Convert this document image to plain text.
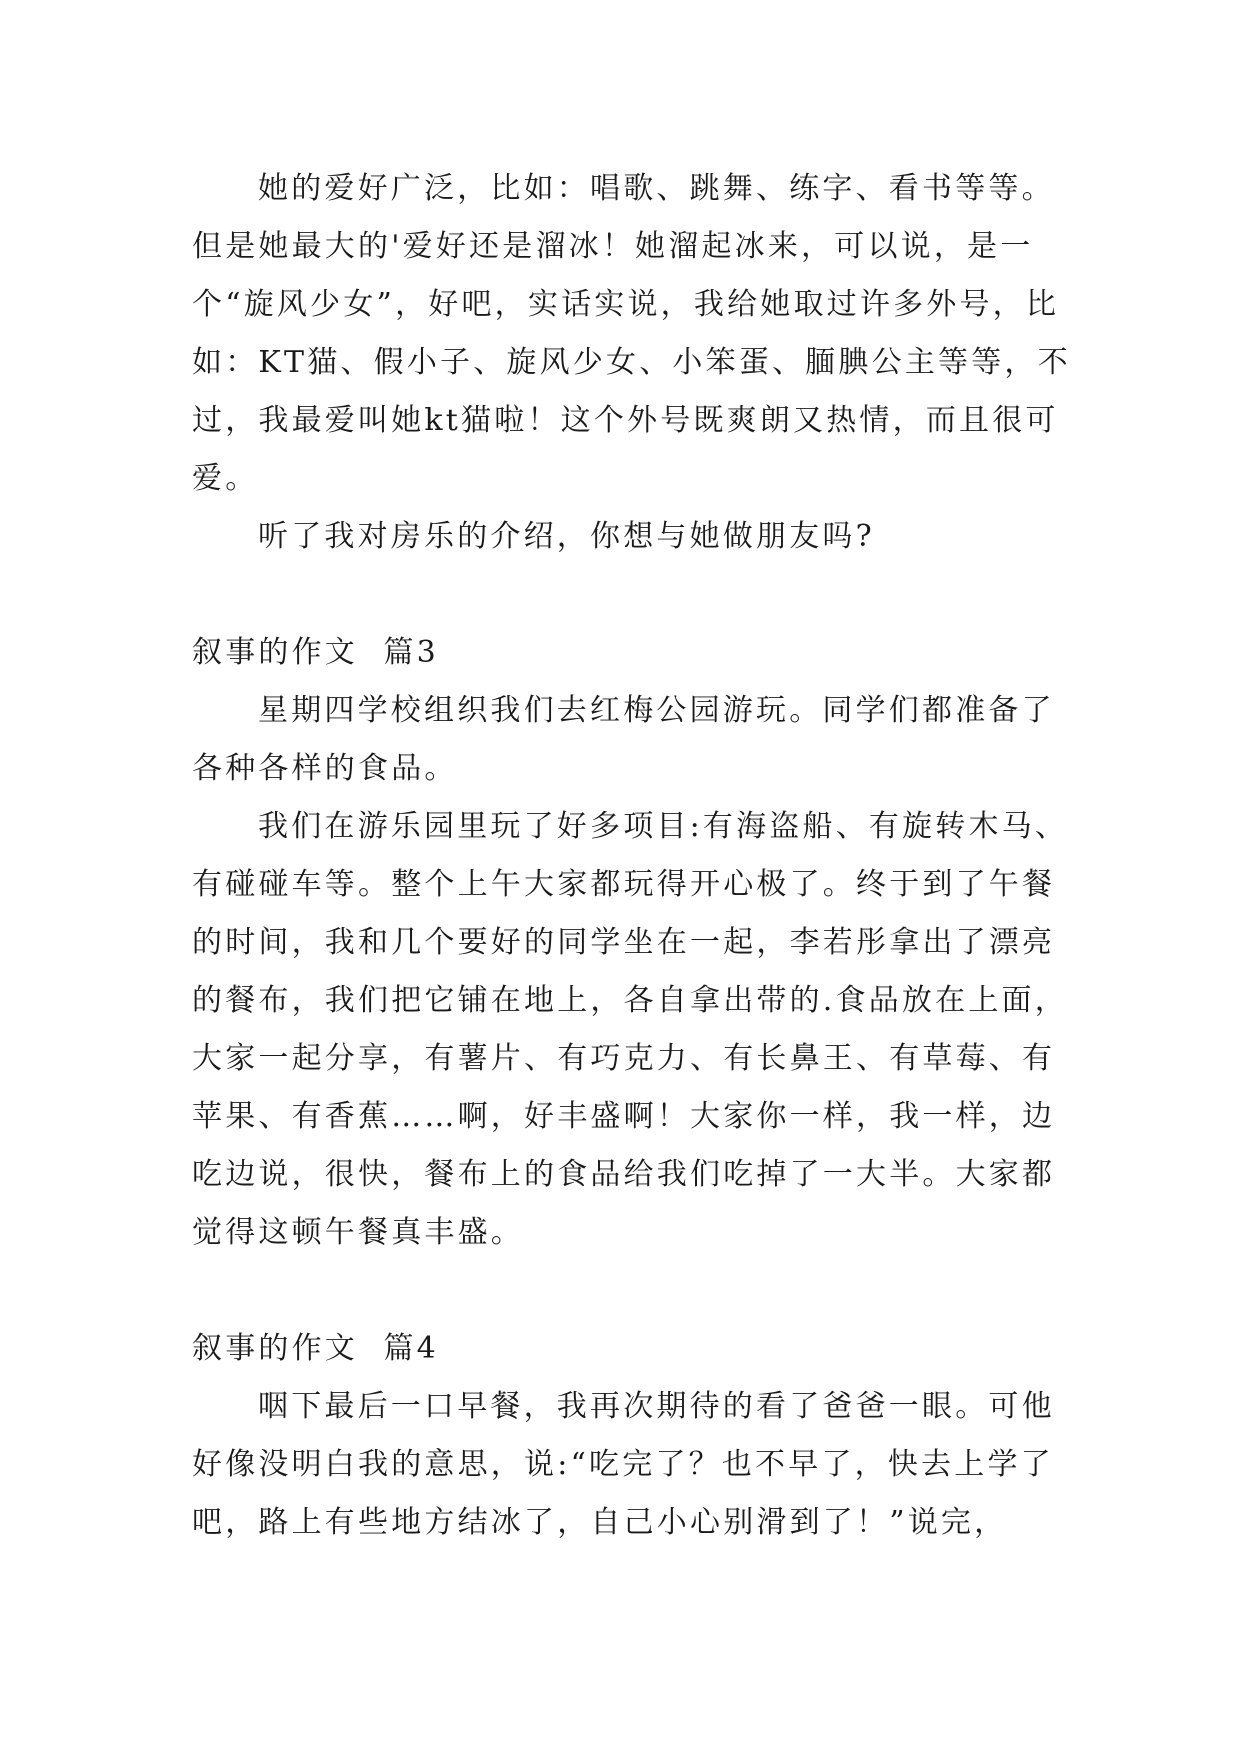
她的爱好广泛，比如：唱歌、跳舞、练字、看书等等。但是她最大的'爱好还是溜冰！她溜起冰来，可以说，是一个“旋风少女”，好吧，实话实说，我给她取过许多外号，比如：KT猫、假小子、旋风少女、小笨蛋、腼腆公主等等，不过，我最爱叫她kt猫啦！这个外号既爽朗又热情，而且很可爱。

听了我对房乐的介绍，你想与她做朋友吗?

叙事的作文  篇3

星期四学校组织我们去红梅公园游玩。同学们都准备了各种各样的食品。

我们在游乐园里玩了好多项目:有海盗船、有旋转木马、有碰碰车等。整个上午大家都玩得开心极了。终于到了午餐的时间，我和几个要好的同学坐在一起，李若彤拿出了漂亮的餐布，我们把它铺在地上，各自拿出带的.食品放在上面，大家一起分享，有薯片、有巧克力、有长鼻王、有草莓、有苹果、有香蕉……啊，好丰盛啊！大家你一样，我一样，边吃边说，很快，餐布上的食品给我们吃掉了一大半。大家都觉得这顿午餐真丰盛。

叙事的作文  篇4

咽下最后一口早餐，我再次期待的看了爸爸一眼。可他好像没明白我的意思，说:“吃完了？也不早了，快去上学了吧，路上有些地方结冰了，自己小心别滑到了！”说完，
